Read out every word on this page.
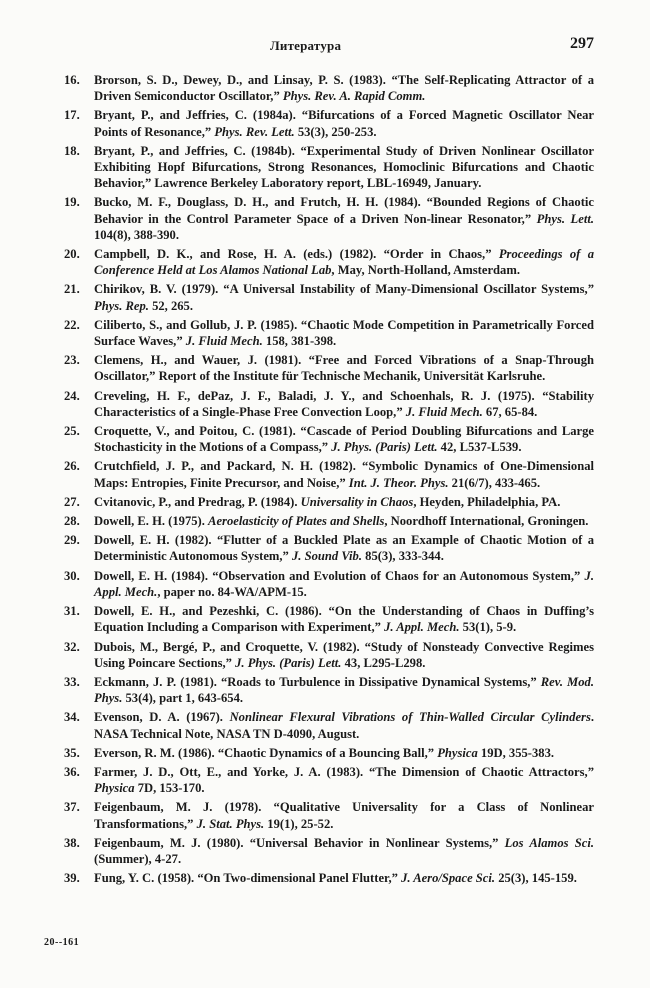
Литература	297
16. Brorson, S. D., Dewey, D., and Linsay, P. S. (1983). “The Self-Replicating Attractor of a Driven Semiconductor Oscillator,” Phys. Rev. A. Rapid Comm.
17. Bryant, P., and Jeffries, C. (1984a). “Bifurcations of a Forced Magnetic Oscillator Near Points of Resonance,” Phys. Rev. Lett. 53(3), 250-253.
18. Bryant, P., and Jeffries, C. (1984b). “Experimental Study of Driven Nonlinear Oscillator Exhibiting Hopf Bifurcations, Strong Resonances, Homoclinic Bifurcations and Chaotic Behavior,” Lawrence Berkeley Laboratory report, LBL-16949, January.
19. Bucko, M. F., Douglass, D. H., and Frutch, H. H. (1984). “Bounded Regions of Chaotic Behavior in the Control Parameter Space of a Driven Non-linear Resonator,” Phys. Lett. 104(8), 388-390.
20. Campbell, D. K., and Rose, H. A. (eds.) (1982). “Order in Chaos,” Proceedings of a Conference Held at Los Alamos National Lab, May, North-Holland, Amsterdam.
21. Chirikov, B. V. (1979). “A Universal Instability of Many-Dimensional Oscillator Systems,” Phys. Rep. 52, 265.
22. Ciliberto, S., and Gollub, J. P. (1985). “Chaotic Mode Competition in Parametrically Forced Surface Waves,” J. Fluid Mech. 158, 381-398.
23. Clemens, H., and Wauer, J. (1981). “Free and Forced Vibrations of a Snap-Through Oscillator,” Report of the Institute für Technische Mechanik, Universität Karlsruhe.
24. Creveling, H. F., dePaz, J. F., Baladi, J. Y., and Schoenhals, R. J. (1975). “Stability Characteristics of a Single-Phase Free Convection Loop,” J. Fluid Mech. 67, 65-84.
25. Croquette, V., and Poitou, C. (1981). “Cascade of Period Doubling Bifurcations and Large Stochasticity in the Motions of a Compass,” J. Phys. (Paris) Lett. 42, L537-L539.
26. Crutchfield, J. P., and Packard, N. H. (1982). “Symbolic Dynamics of One-Dimensional Maps: Entropies, Finite Precursor, and Noise,” Int. J. Theor. Phys. 21(6/7), 433-465.
27. Cvitanovic, P., and Predrag, P. (1984). Universality in Chaos, Heyden, Philadelphia, PA.
28. Dowell, E. H. (1975). Aeroelasticity of Plates and Shells, Noordhoff International, Groningen.
29. Dowell, E. H. (1982). “Flutter of a Buckled Plate as an Example of Chaotic Motion of a Deterministic Autonomous System,” J. Sound Vib. 85(3), 333-344.
30. Dowell, E. H. (1984). “Observation and Evolution of Chaos for an Autonomous System,” J. Appl. Mech., paper no. 84-WA/APM-15.
31. Dowell, E. H., and Pezeshki, C. (1986). “On the Understanding of Chaos in Duffing’s Equation Including a Comparison with Experiment,” J. Appl. Mech. 53(1), 5-9.
32. Dubois, M., Bergé, P., and Croquette, V. (1982). “Study of Nonsteady Convective Regimes Using Poincare Sections,” J. Phys. (Paris) Lett. 43, L295-L298.
33. Eckmann, J. P. (1981). “Roads to Turbulence in Dissipative Dynamical Systems,” Rev. Mod. Phys. 53(4), part 1, 643-654.
34. Evenson, D. A. (1967). Nonlinear Flexural Vibrations of Thin-Walled Circular Cylinders. NASA Technical Note, NASA TN D-4090, August.
35. Everson, R. M. (1986). “Chaotic Dynamics of a Bouncing Ball,” Physica 19D, 355-383.
36. Farmer, J. D., Ott, E., and Yorke, J. A. (1983). “The Dimension of Chaotic Attractors,” Physica 7D, 153-170.
37. Feigenbaum, M. J. (1978). “Qualitative Universality for a Class of Nonlinear Transformations,” J. Stat. Phys. 19(1), 25-52.
38. Feigenbaum, M. J. (1980). “Universal Behavior in Nonlinear Systems,” Los Alamos Sci. (Summer), 4-27.
39. Fung, Y. C. (1958). “On Two-dimensional Panel Flutter,” J. Aero/Space Sci. 25(3), 145-159.
20--161
